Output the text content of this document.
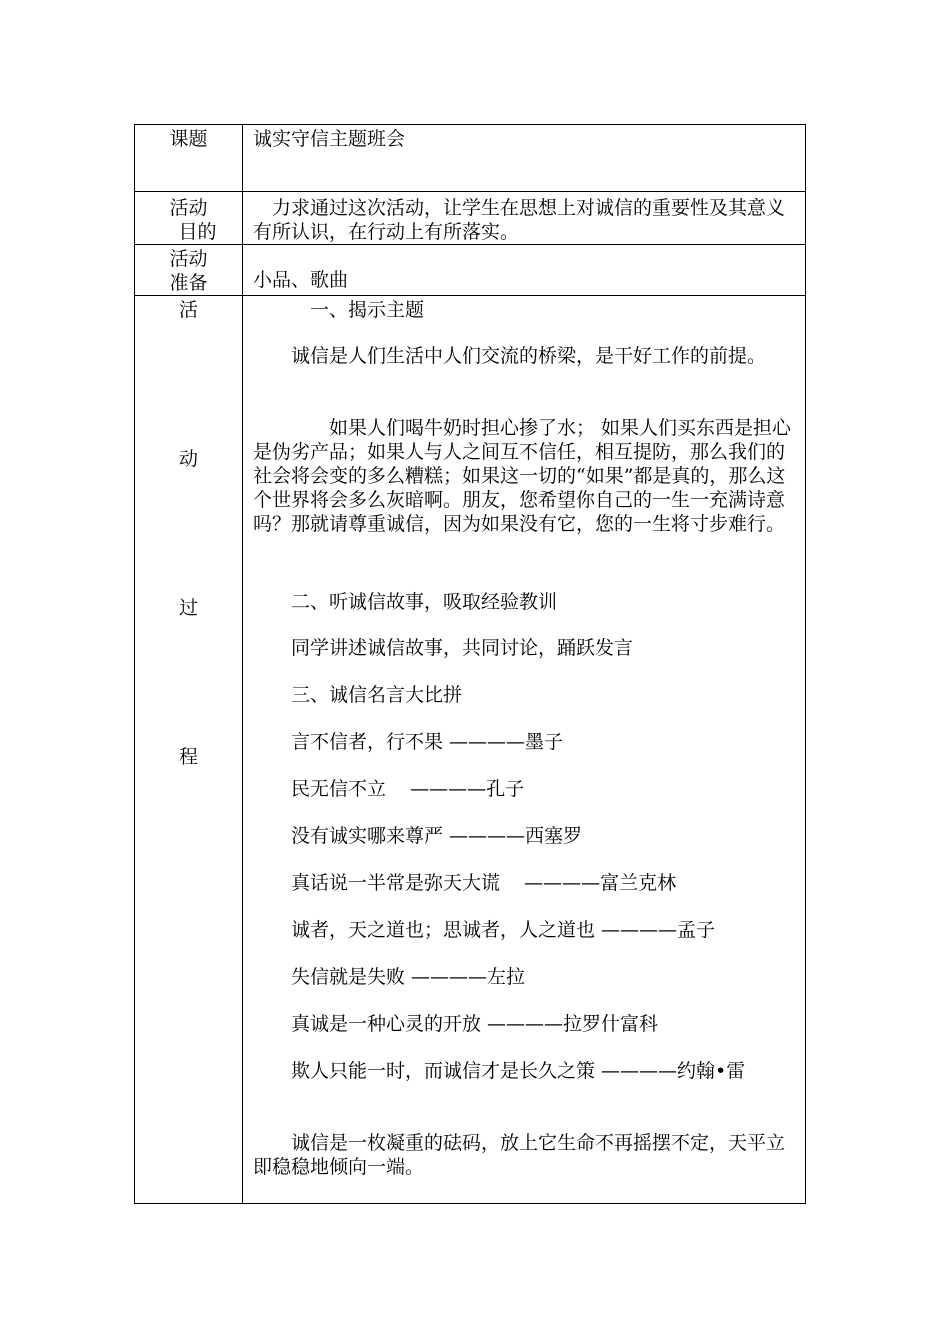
课题	诚实守信主题班会
活动
目的
力求通过这次活动，让学生在思想上对诚信的重要性及其意义有所认识，在行动上有所落实。
活动
准备	小品、歌曲
活
动
过
程
一、揭示主题
诚信是人们生活中人们交流的桥梁，是干好工作的前提。
如果人们喝牛奶时担心掺了水； 如果人们买东西是担心是伪劣产品；如果人与人之间互不信任，相互提防，那么我们的社会将会变的多么糟糕；如果这一切的“如果”都是真的，那么这个世界将会多么灰暗啊。朋友，您希望你自己的一生一充满诗意吗？那就请尊重诚信，因为如果没有它，您的一生将寸步难行。
二、听诚信故事，吸取经验教训
同学讲述诚信故事，共同讨论，踊跃发言
三、诚信名言大比拼
言不信者，行不果 ————墨子
民无信不立    ————孔子
没有诚实哪来尊严 ————西塞罗
真话说一半常是弥天大谎    ————富兰克林
诚者，天之道也；思诚者，人之道也 ————孟子
失信就是失败 ————左拉
真诚是一种心灵的开放 ————拉罗什富科
欺人只能一时，而诚信才是长久之策 ————约翰•雷
诚信是一枚凝重的砝码，放上它生命不再摇摆不定，天平立即稳稳地倾向一端。
